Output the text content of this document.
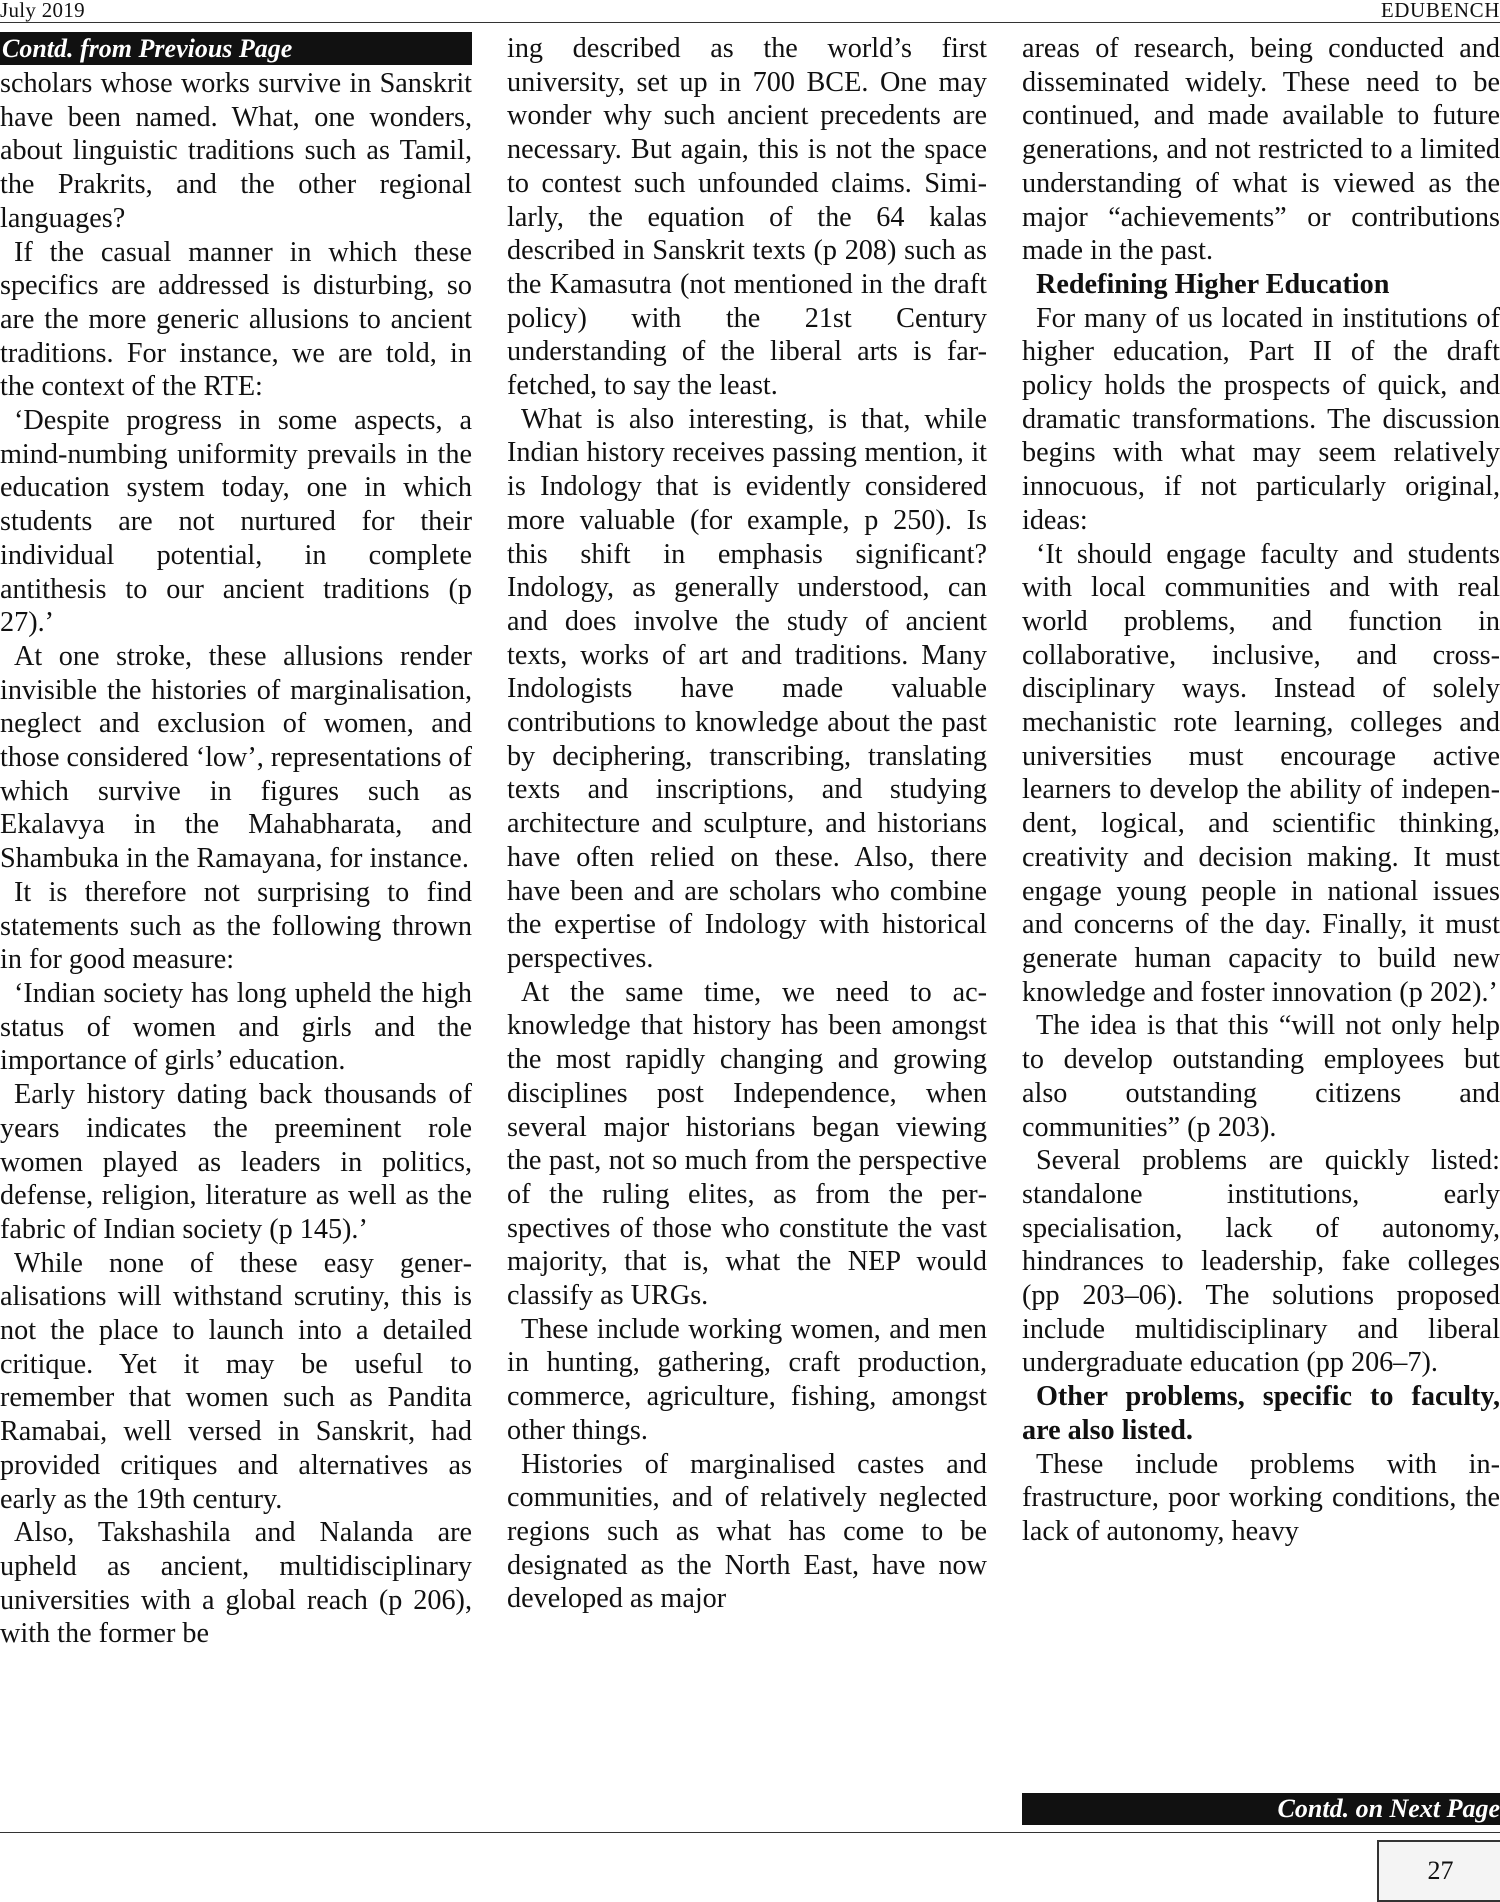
July 2019	EDUBENCH
Contd. from Previous Page

scholars whose works survive in Sanskrit have been named. What, one wonders, about linguistic traditions such as Tamil, the Prakrits, and the other regional languages?

If the casual manner in which these specifics are addressed is disturbing, so are the more generic allusions to ancient traditions. For instance, we are told, in the context of the RTE:

‘Despite progress in some aspects, a mind-numbing uniformity prevails in the education system today, one in which students are not nurtured for their individual potential, in complete antithesis to our ancient traditions (p 27).’

At one stroke, these allusions render invisible the histories of marginalisation, neglect and exclusion of women, and those considered ‘low’, representations of which survive in figures such as Ekalavya in the Mahabharata, and Shambuka in the Ramayana, for instance.

It is therefore not surprising to find statements such as the following thrown in for good measure:

‘Indian society has long upheld the high status of women and girls and the importance of girls’ education.

Early history dating back thousands of years indicates the preeminent role women played as leaders in politics, defense, religion, literature as well as the fabric of Indian society (p 145).’

While none of these easy generalisations will withstand scrutiny, this is not the place to launch into a detailed critique. Yet it may be useful to remember that women such as Pandita Ramabai, well versed in Sanskrit, had provided critiques and alternatives as early as the 19th century.

Also, Takshashila and Nalanda are upheld as ancient, multidisciplinary universities with a global reach (p 206), with the former be

ing described as the world’s first university, set up in 700 BCE. One may wonder why such ancient precedents are necessary. But again, this is not the space to contest such unfounded claims. Similarly, the equation of the 64 kalas described in Sanskrit texts (p 208) such as the Kamasutra (not mentioned in the draft policy) with the 21st Century understanding of the liberal arts is far-fetched, to say the least.

What is also interesting, is that, while Indian history receives passing mention, it is Indology that is evidently considered more valuable (for example, p 250). Is this shift in emphasis significant? Indology, as generally understood, can and does involve the study of ancient texts, works of art and traditions. Many Indologists have made valuable contributions to knowledge about the past by deciphering, transcribing, translating texts and inscriptions, and studying architecture and sculpture, and historians have often relied on these. Also, there have been and are scholars who combine the expertise of Indology with historical perspectives.

At the same time, we need to acknowledge that history has been amongst the most rapidly changing and growing disciplines post Independence, when several major historians began viewing the past, not so much from the perspective of the ruling elites, as from the perspectives of those who constitute the vast majority, that is, what the NEP would classify as URGs.

These include working women, and men in hunting, gathering, craft production, commerce, agriculture, fishing, amongst other things.

Histories of marginalised castes and communities, and of relatively neglected regions such as what has come to be designated as the North East, have now developed as major

areas of research, being conducted and disseminated widely. These need to be continued, and made available to future generations, and not restricted to a limited understanding of what is viewed as the major “achievements” or contributions made in the past.

Redefining Higher Education

For many of us located in institutions of higher education, Part II of the draft policy holds the prospects of quick, and dramatic transformations. The discussion begins with what may seem relatively innocuous, if not particularly original, ideas:

‘It should engage faculty and students with local communities and with real world problems, and function in collaborative, inclusive, and cross-disciplinary ways. Instead of solely mechanistic rote learning, colleges and universities must encourage active learners to develop the ability of independent, logical, and scientific thinking, creativity and decision making. It must engage young people in national issues and concerns of the day. Finally, it must generate human capacity to build new knowledge and foster innovation (p 202).’

The idea is that this “will not only help to develop outstanding employees but also outstanding citizens and communities” (p 203).

Several problems are quickly listed: standalone institutions, early specialisation, lack of autonomy, hindrances to leadership, fake colleges (pp 203–06). The solutions proposed include multidisciplinary and liberal undergraduate education (pp 206–7).

Other problems, specific to faculty, are also listed.

These include problems with infrastructure, poor working conditions, the lack of autonomy, heavy

Contd. on Next Page
27
